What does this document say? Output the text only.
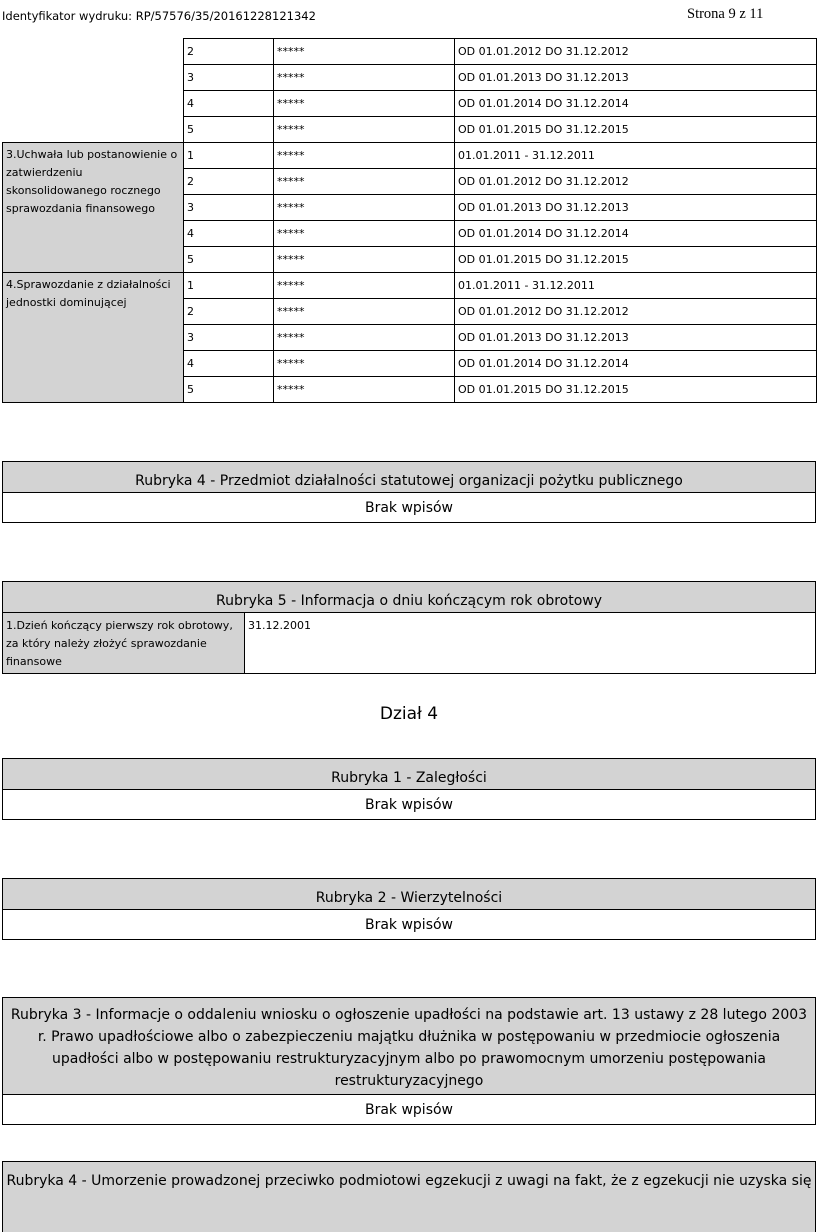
Identyfikator wydruku: RP/57576/35/20161228121342	Strona 9 z 11
	2	*****	OD 01.01.2012 DO 31.12.2012
	3	*****	OD 01.01.2013 DO 31.12.2013
	4	*****	OD 01.01.2014 DO 31.12.2014
	5	*****	OD 01.01.2015 DO 31.12.2015
3.Uchwała lub postanowienie o zatwierdzeniu skonsolidowanego rocznego sprawozdania finansowego	1	*****	01.01.2011 - 31.12.2011
	2	*****	OD 01.01.2012 DO 31.12.2012
	3	*****	OD 01.01.2013 DO 31.12.2013
	4	*****	OD 01.01.2014 DO 31.12.2014
	5	*****	OD 01.01.2015 DO 31.12.2015
4.Sprawozdanie z działalności jednostki dominującej	1	*****	01.01.2011 - 31.12.2011
	2	*****	OD 01.01.2012 DO 31.12.2012
	3	*****	OD 01.01.2013 DO 31.12.2013
	4	*****	OD 01.01.2014 DO 31.12.2014
	5	*****	OD 01.01.2015 DO 31.12.2015
Rubryka 4 - Przedmiot działalności statutowej organizacji pożytku publicznego
Brak wpisów
Rubryka 5 - Informacja o dniu kończącym rok obrotowy
1.Dzień kończący pierwszy rok obrotowy, za który należy złożyć sprawozdanie finansowe
31.12.2001
Dział 4
Rubryka 1 - Zaległości
Brak wpisów
Rubryka 2 - Wierzytelności
Brak wpisów
Rubryka 3 - Informacje o oddaleniu wniosku o ogłoszenie upadłości na podstawie art. 13 ustawy z 28 lutego 2003 r. Prawo upadłościowe albo o zabezpieczeniu majątku dłużnika w postępowaniu w przedmiocie ogłoszenia upadłości albo w postępowaniu restrukturyzacyjnym albo po prawomocnym umorzeniu postępowania restrukturyzacyjnego
Brak wpisów
Rubryka 4 - Umorzenie prowadzonej przeciwko podmiotowi egzekucji z uwagi na fakt, że z egzekucji nie uzyska się
